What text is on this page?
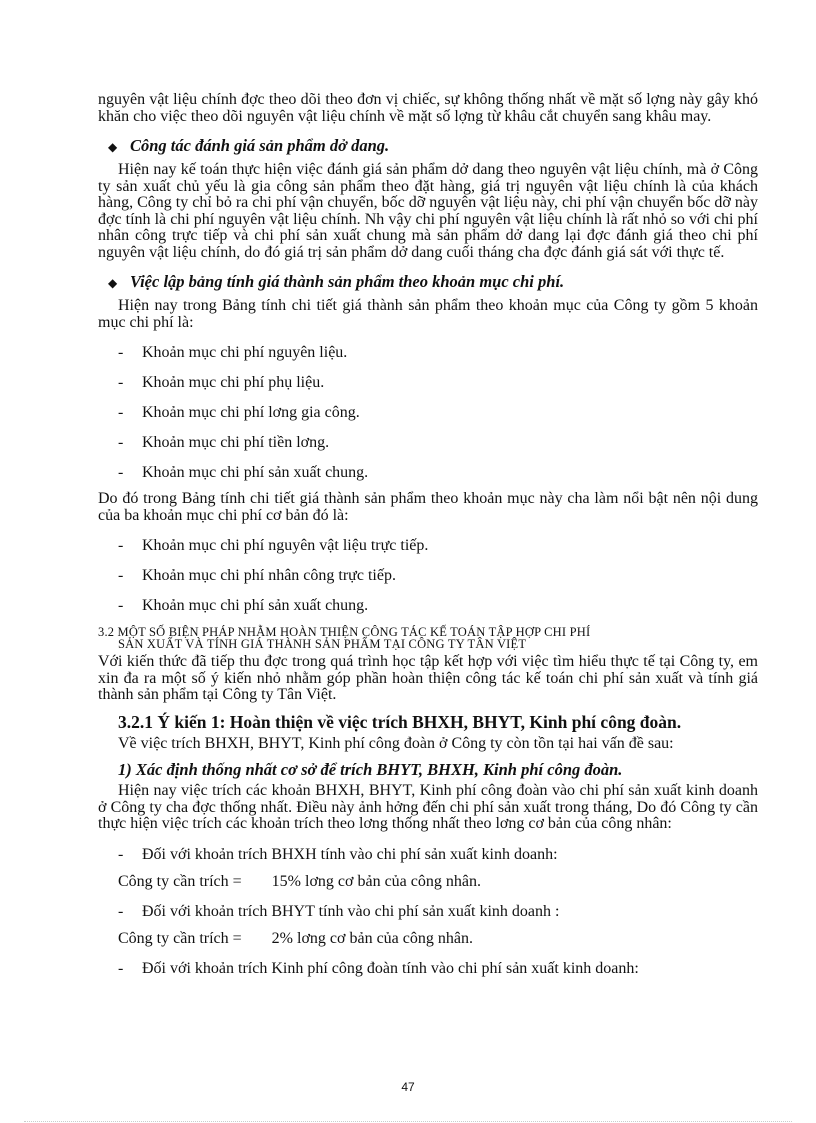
nguyên vật liệu chính đợc theo dõi theo đơn vị chiếc, sự không thống nhất về mặt số lợng này gây khó khăn cho việc theo dõi nguyên vật liệu chính về mặt số lợng từ khâu cắt chuyển sang khâu may.

◆ Công tác đánh giá sản phẩm dở dang.

Hiện nay kế toán thực hiện việc đánh giá sản phẩm dở dang theo nguyên vật liệu chính, mà ở Công ty sản xuất chủ yếu là gia công sản phẩm theo đặt hàng, giá trị nguyên vật liệu chính là của khách hàng, Công ty chỉ bỏ ra chi phí vận chuyển, bốc dỡ nguyên vật liệu này, chi phí vận chuyển bốc dỡ này đợc tính là chi phí nguyên vật liệu chính. Nh vậy chi phí nguyên vật liệu chính là rất nhỏ so với chi phí nhân công trực tiếp và chi phí sản xuất chung mà sản phẩm dở dang lại đợc đánh giá theo chi phí nguyên vật liệu chính, do đó giá trị sản phẩm dở dang cuối tháng cha đợc đánh giá sát với thực tế.

◆ Việc lập bảng tính giá thành sản phẩm theo khoản mục chi phí.

Hiện nay trong Bảng tính chi tiết giá thành sản phẩm theo khoản mục của Công ty gồm 5 khoản mục chi phí là:

- Khoản mục chi phí nguyên liệu.

- Khoản mục chi phí phụ liệu.

- Khoản mục chi phí lơng gia công.

- Khoản mục chi phí tiền lơng.

- Khoản mục chi phí sản xuất chung.

Do đó trong Bảng tính chi tiết giá thành sản phẩm theo khoản mục này cha làm nổi bật nên nội dung của ba khoản mục chi phí cơ bản đó là:

- Khoản mục chi phí nguyên vật liệu trực tiếp.

- Khoản mục chi phí nhân công trực tiếp.

- Khoản mục chi phí sản xuất chung.

3.2 MỘT SỐ BIỆN PHÁP NHẰM HOÀN THIỆN CÔNG TÁC KẾ TOÁN TẬP HỢP CHI PHÍ
SẢN XUẤT VÀ TÍNH GIÁ THÀNH SẢN PHẨM TẠI CÔNG TY TÂN VIỆT

Với kiến thức đã tiếp thu đợc trong quá trình học tập kết hợp với việc tìm hiểu thực tế tại Công ty, em xin đa ra một số ý kiến nhỏ nhằm góp phần hoàn thiện công tác kế toán chi phí sản xuất và tính giá thành sản phẩm tại Công ty Tân Việt.

3.2.1 Ý kiến 1: Hoàn thiện về việc trích BHXH, BHYT, Kinh phí công đoàn.

Về việc trích BHXH, BHYT, Kinh phí công đoàn ở Công ty còn tồn tại hai vấn đề sau:

1) Xác định thống nhất cơ sở để trích BHYT, BHXH, Kinh phí công đoàn.

Hiện nay việc trích các khoản BHXH, BHYT, Kinh phí công đoàn vào chi phí sản xuất kinh doanh ở Công ty cha đợc thống nhất. Điều này ảnh hởng đến chi phí sản xuất trong tháng, Do đó Công ty cần thực hiện việc trích các khoản trích theo lơng thống nhất theo lơng cơ bản của công nhân:

- Đối với khoản trích BHXH tính vào chi phí sản xuất kinh doanh:

Công ty cần trích = 15% lơng cơ bản của công nhân.

- Đối với khoản trích BHYT tính vào chi phí sản xuất kinh doanh :

Công ty cần trích = 2% lơng cơ bản của công nhân.

- Đối với khoản trích Kinh phí công đoàn tính vào chi phí sản xuất kinh doanh:

47
